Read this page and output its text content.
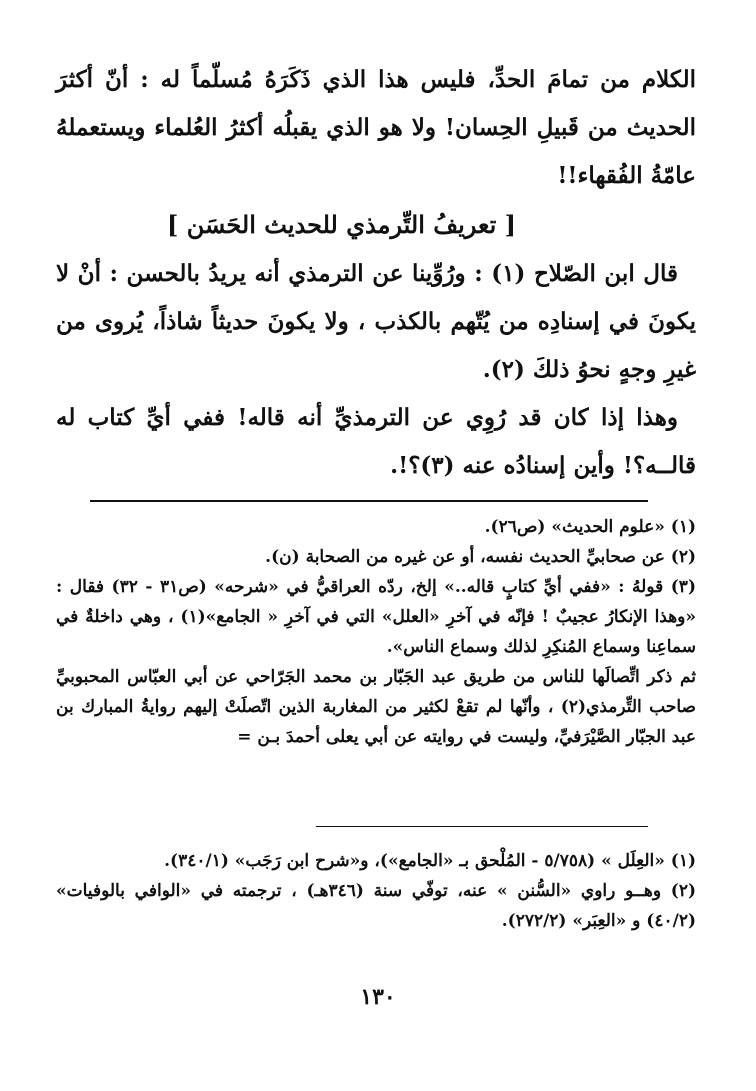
الكلام من تمامَ الحدِّ، فليس هذا الذي ذَكَرَهُ مُسلّماً له : أنّ أكثرَ الحديث من قَبيلِ الحِسان! ولا هو الذي يقبلُه أكثرُ العُلماء ويستعملهُ عامّةُ الفُقهاء!!

[ تعريفُ التِّرمذي للحديث الحَسَن ]

قال ابن الصّلاح (١) : ورُوِّينا عن الترمذي أنه يريدُ بالحسن : أنْ لا يكونَ في إسنادِه من يُتّهم بالكذب ، ولا يكونَ حديثاً شاذاً، يُروى من غيرِ وجهٍ نحوُ ذلكَ (٢).

وهذا إذا كان قد رُوِي عن الترمذيِّ أنه قاله! ففي أيِّ كتاب له قالــه؟! وأين إسنادُه عنه (٣)؟!.

(١) «علوم الحديث» (ص٢٦).

(٢) عن صحابيِّ الحديث نفسه، أو عن غيره من الصحابة (ن).

(٣) قولهُ : «ففي أيِّ كتابٍ قاله..» إلخ، ردّه العراقيُّ في «شرحه» (ص٣١ - ٣٢) فقال : «وهذا الإنكارُ عجيبٌ ! فإنّه في آخرِ «العلل» التي في آخرِ « الجامع»(١) ، وهي داخلةٌ في سماعِنا وسماع المُنكِرِ لذلك وسماع الناس».

ثم ذكر اتِّصالَها للناس من طريق عبد الجَبّار بن محمد الجَرّاحي عن أبي العبّاس المحبوبيِّ صاحب التِّرمذي(٢) ، وأنّها لم تقعْ لكثير من المغاربة الذين اتّصلَتْ إليهم روايةُ المبارك بن عبد الجبّار الصَّيْرَفيِّ، وليست في روايته عن أبي يعلى أحمدَ بـن =

(١) «العِلَل » (٥/٧٥٨ - المُلْحق بـ «الجامع»)، و«شرح ابن رَجَب» (٣٤٠/١).

(٢) وهــو راوي «السُّنن » عنه، توفّي سنة (٣٤٦هـ) ، ترجمته في «الوافي بالوفيات» (٤٠/٢) و «العِبَر» (٢٧٢/٢).

١٣٠
